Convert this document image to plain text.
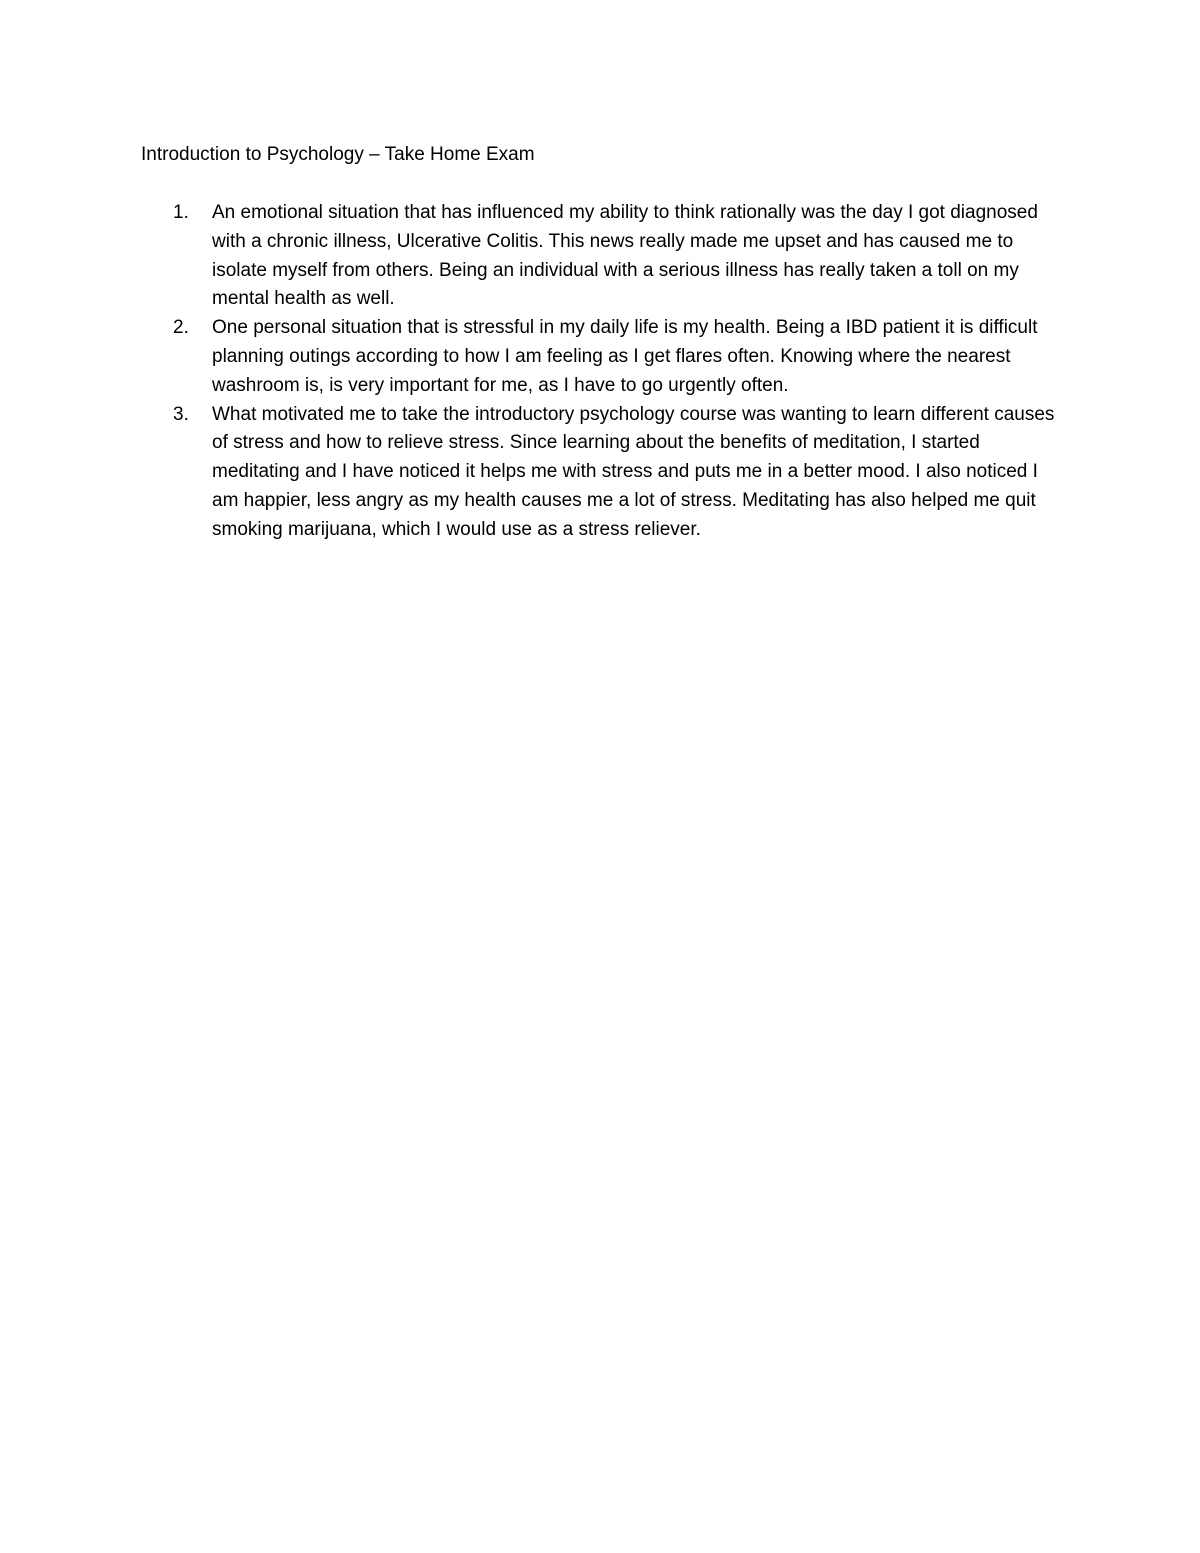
Introduction to Psychology – Take Home Exam
1. An emotional situation that has influenced my ability to think rationally was the day I got diagnosed with a chronic illness, Ulcerative Colitis. This news really made me upset and has caused me to isolate myself from others. Being an individual with a serious illness has really taken a toll on my mental health as well.
2. One personal situation that is stressful in my daily life is my health. Being a IBD patient it is difficult planning outings according to how I am feeling as I get flares often. Knowing where the nearest washroom is, is very important for me, as I have to go urgently often.
3. What motivated me to take the introductory psychology course was wanting to learn different causes of stress and how to relieve stress. Since learning about the benefits of meditation, I started meditating and I have noticed it helps me with stress and puts me in a better mood. I also noticed I am happier, less angry as my health causes me a lot of stress. Meditating has also helped me quit smoking marijuana, which I would use as a stress reliever.
